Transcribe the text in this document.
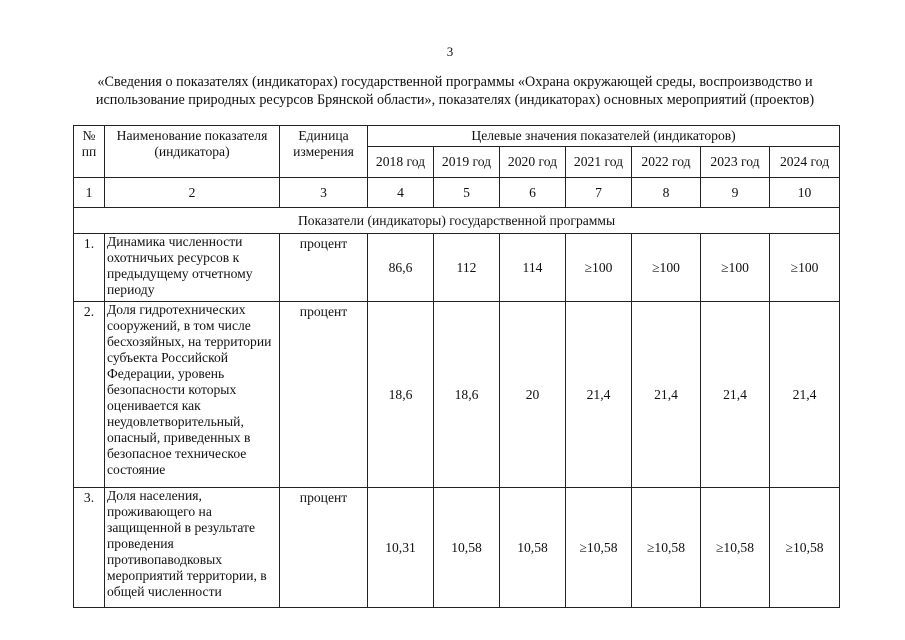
3
«Сведения о показателях (индикаторах) государственной программы «Охрана окружающей среды, воспроизводство и использование природных ресурсов Брянской области», показателях (индикаторах) основных мероприятий (проектов)
№ пп	Наименование показателя (индикатора)	Единица измерения	Целевые значения показателей (индикаторов)						
			2018 год	2019 год	2020 год	2021 год	2022 год	2023 год	2024 год
1	2	3	4	5	6	7	8	9	10
Показатели (индикаторы) государственной программы									
1.	Динамика численности охотничьих ресурсов к предыдущему отчетному периоду	процент	86,6	112	114	≥100	≥100	≥100	≥100
2.	Доля гидротехнических сооружений, в том числе бесхозяйных, на территории субъекта Российской Федерации, уровень безопасности которых оценивается как неудовлетворительный, опасный, приведенных в безопасное техническое состояние	процент	18,6	18,6	20	21,4	21,4	21,4	21,4
3.	Доля населения, проживающего на защищенной в результате проведения противопаводковых мероприятий территории, в общей численности	процент	10,31	10,58	10,58	≥10,58	≥10,58	≥10,58	≥10,58
